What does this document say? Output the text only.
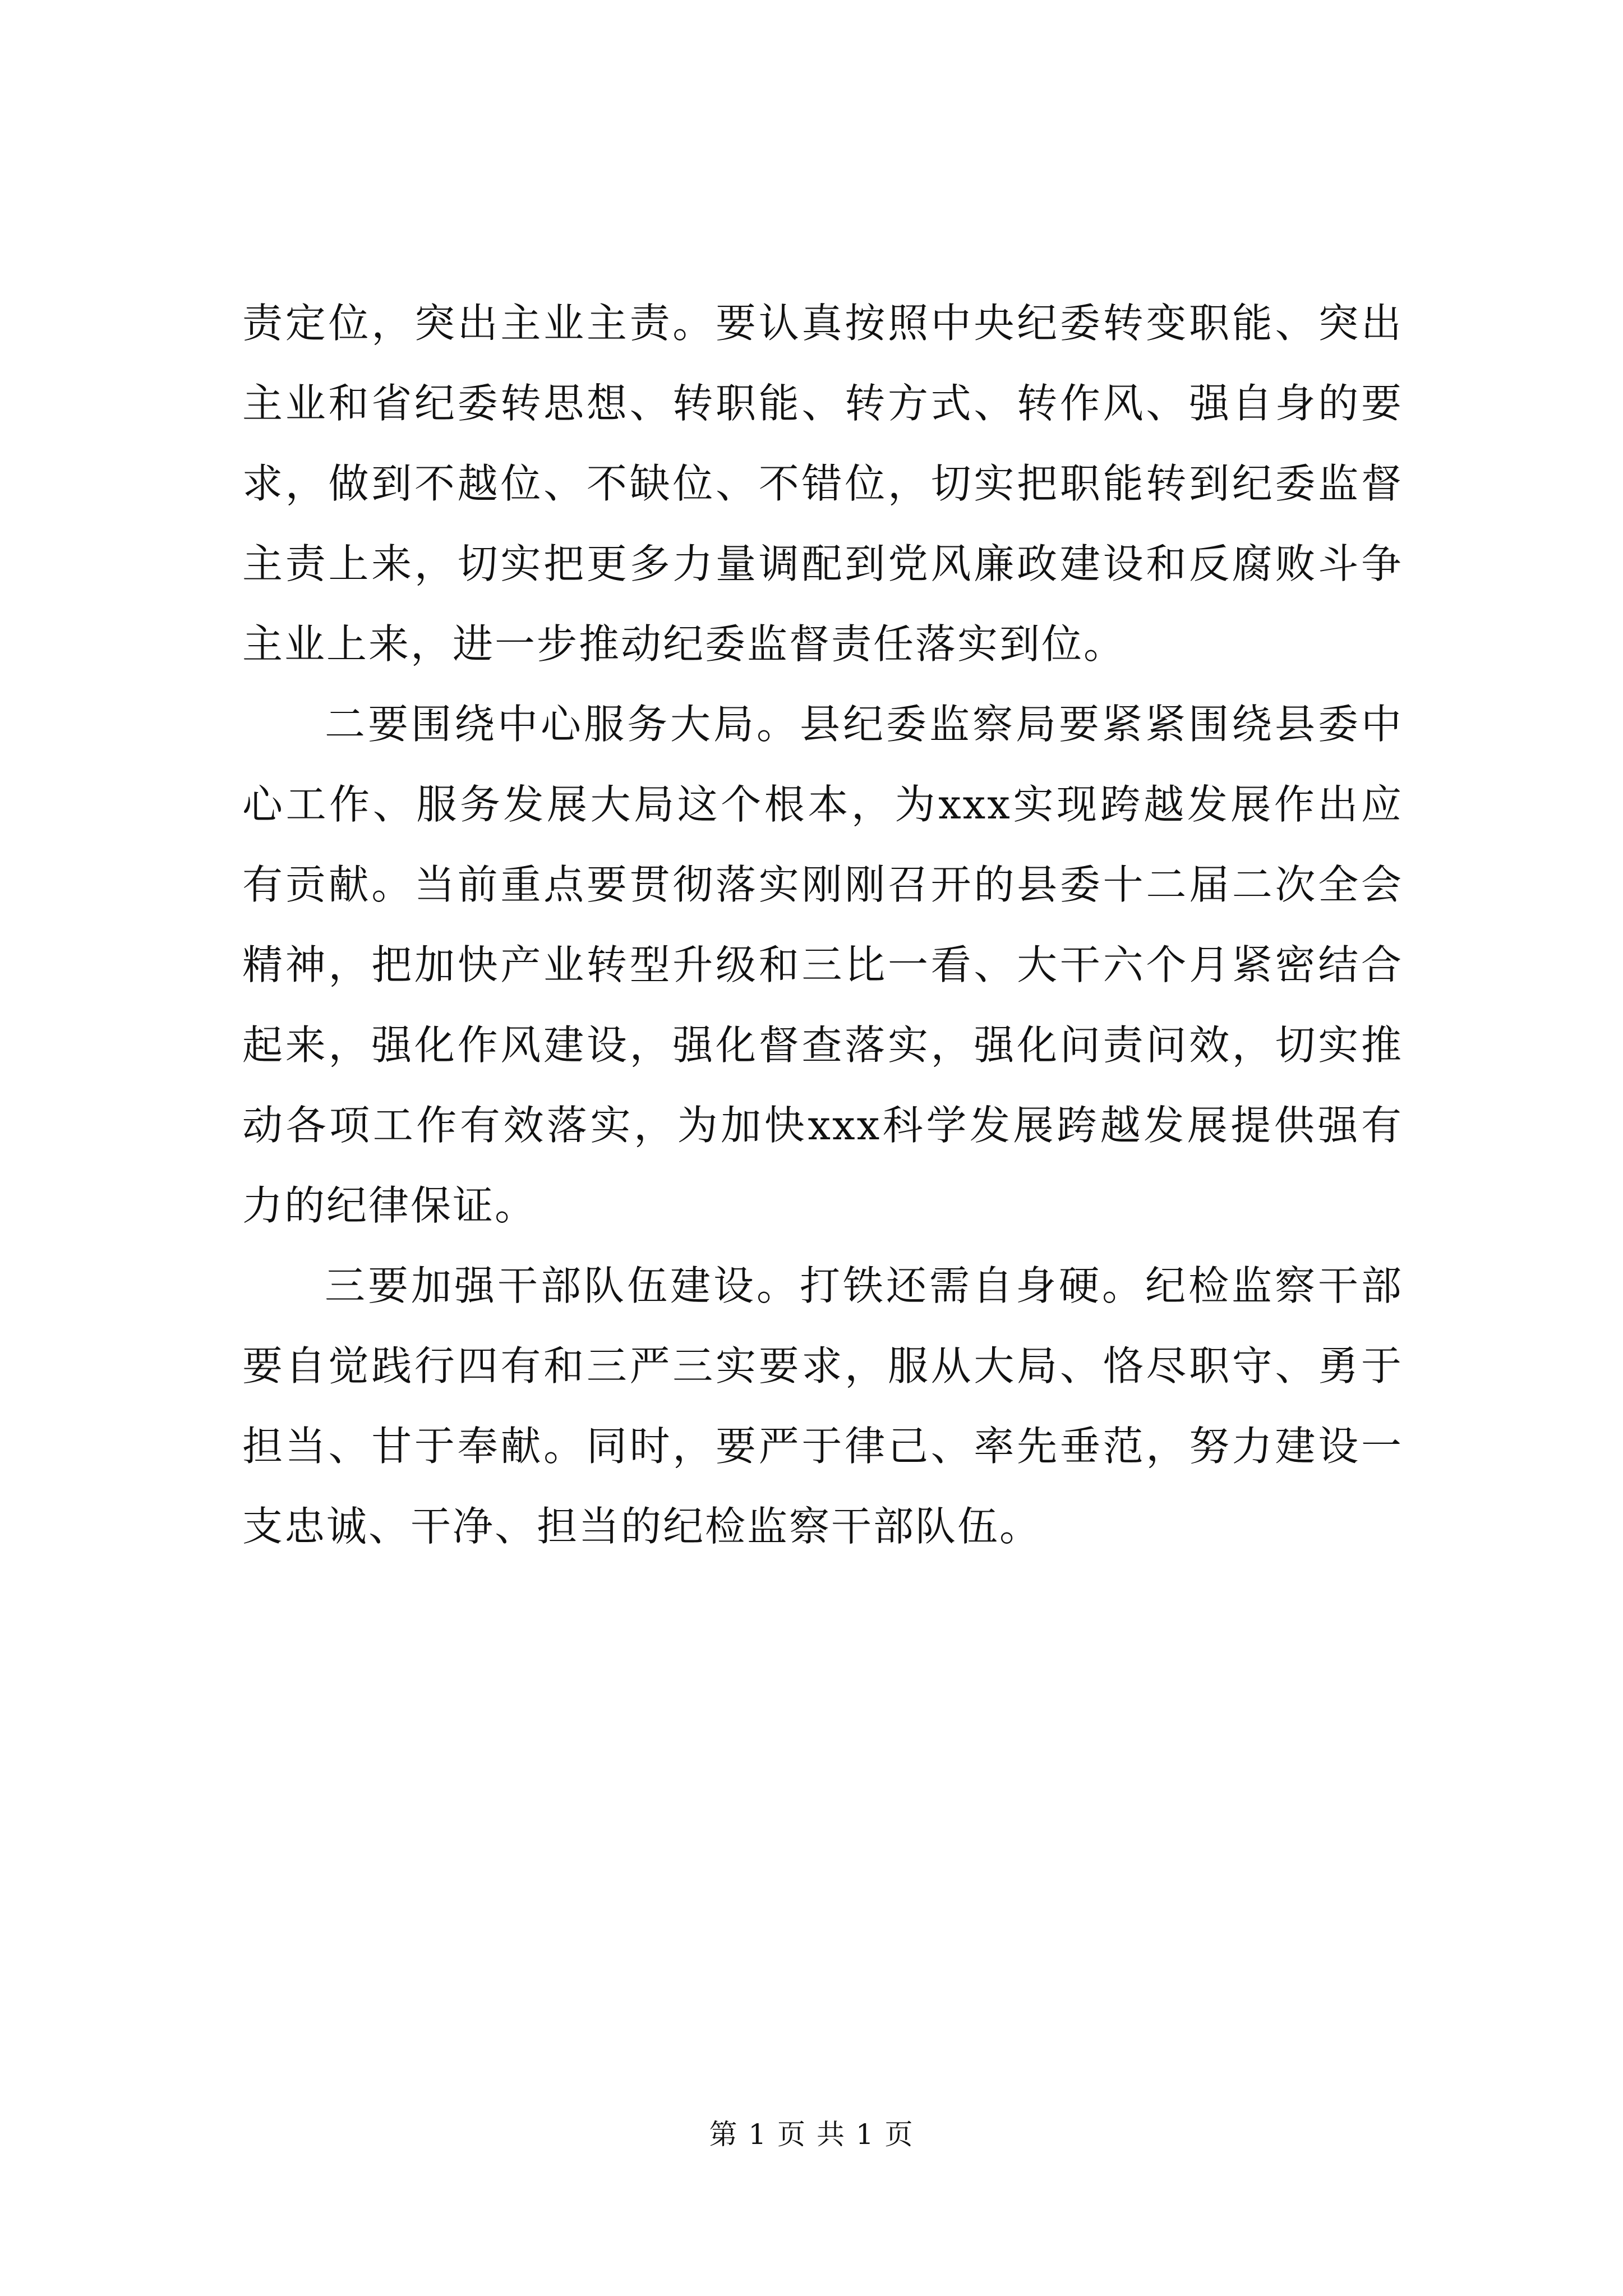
责定位，突出主业主责。要认真按照中央纪委转变职能、突出主业和省纪委转思想、转职能、转方式、转作风、强自身的要求，做到不越位、不缺位、不错位，切实把职能转到纪委监督主责上来，切实把更多力量调配到党风廉政建设和反腐败斗争主业上来，进一步推动纪委监督责任落实到位。

二要围绕中心服务大局。县纪委监察局要紧紧围绕县委中心工作、服务发展大局这个根本，为xxx实现跨越发展作出应有贡献。当前重点要贯彻落实刚刚召开的县委十二届二次全会精神，把加快产业转型升级和三比一看、大干六个月紧密结合起来，强化作风建设，强化督查落实，强化问责问效，切实推动各项工作有效落实，为加快xxx科学发展跨越发展提供强有力的纪律保证。

三要加强干部队伍建设。打铁还需自身硬。纪检监察干部要自觉践行四有和三严三实要求，服从大局、恪尽职守、勇于担当、甘于奉献。同时，要严于律己、率先垂范，努力建设一支忠诚、干净、担当的纪检监察干部队伍。

第 1 页 共 1 页
